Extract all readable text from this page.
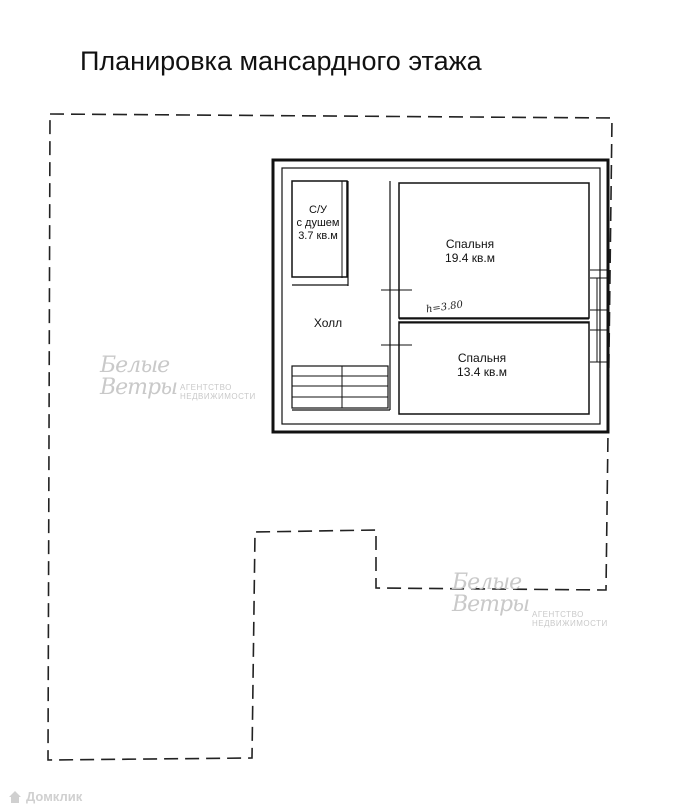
Планировка мансардного этажа
С/У
с душем
3.7 кв.м
Спальня
19.4 кв.м
Спальня
13.4 кв.м
Холл
h=3.80
Белые Ветры АГЕНТСТВО
НЕДВИЖИМОСТИ
Белые Ветры АГЕНТСТВО
НЕДВИЖИМОСТИ
Домклик
